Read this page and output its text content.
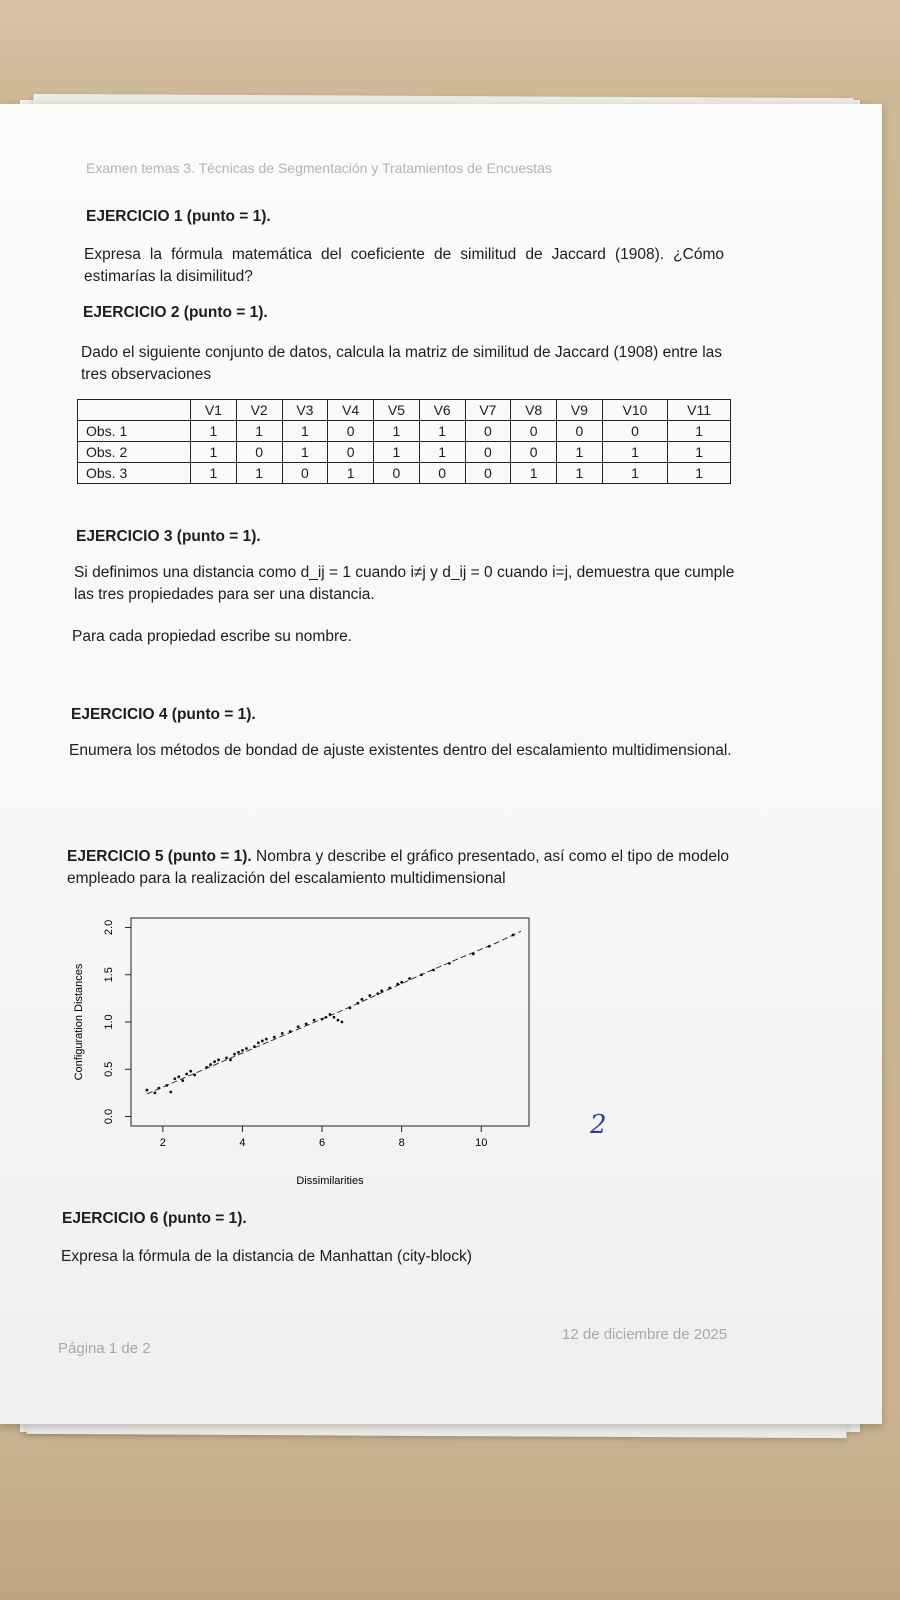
Examen temas 3. Técnicas de Segmentación y Tratamientos de Encuestas
EJERCICIO 1 (punto = 1).
Expresa la fórmula matemática del coeficiente de similitud de Jaccard (1908). ¿Cómo estimarías la disimilitud?
EJERCICIO 2 (punto = 1).
Dado el siguiente conjunto de datos, calcula la matriz de similitud de Jaccard (1908) entre las tres observaciones
	V1	V2	V3	V4	V5	V6	V7	V8	V9	V10	V11
Obs. 1	1	1	1	0	1	1	0	0	0	0	1
Obs. 2	1	0	1	0	1	1	0	0	1	1	1
Obs. 3	1	1	0	1	0	0	0	1	1	1	1
EJERCICIO 3 (punto = 1).
Si definimos una distancia como d_ij = 1 cuando i≠j y d_ij = 0 cuando i=j, demuestra que cumple las tres propiedades para ser una distancia.
Para cada propiedad escribe su nombre.
EJERCICIO 4 (punto = 1).
Enumera los métodos de bondad de ajuste existentes dentro del escalamiento multidimensional.
EJERCICIO 5 (punto = 1). Nombra y describe el gráfico presentado, así como el tipo de modelo empleado para la realización del escalamiento multidimensional
2	4	6	8	10
0.0
0.5
1.0
1.5
2.0
Dissimilarities
Configuration Distances
EJERCICIO 6 (punto = 1).
2
Expresa la fórmula de la distancia de Manhattan (city-block)
Página 1 de 2
12 de diciembre de 2025
